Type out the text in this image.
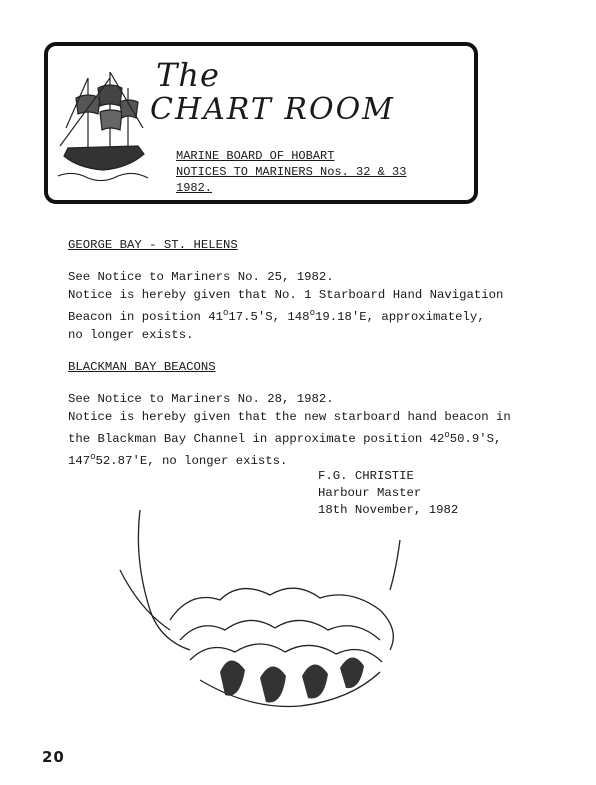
The
CHART ROOM
MARINE BOARD OF HOBART
NOTICES TO MARINERS Nos. 32 & 33
1982.
GEORGE BAY - ST. HELENS

See Notice to Mariners No. 25, 1982.

Notice is hereby given that No. 1 Starboard Hand Navigation

Beacon in position 41$^o$17.5'S, 148$^o$19.18'E, approximately,

no longer exists.

BLACKMAN BAY BEACONS

See Notice to Mariners No. 28, 1982.

Notice is hereby given that the new starboard hand beacon in

the Blackman Bay Channel in approximate position 42$^o$50.9'S,

147$^o$52.87'E, no longer exists.

F.G. CHRISTIE
Harbour Master
18th November, 1982
20
